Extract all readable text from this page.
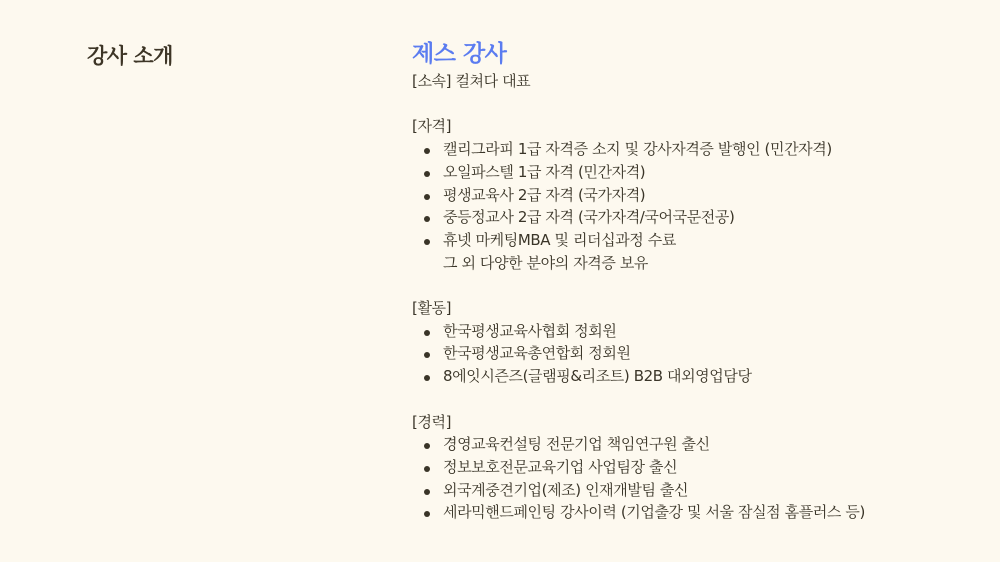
강사 소개	제스 강사
[소속] 컬쳐다 대표
[자격]
캘리그라피 1급 자격증 소지 및 강사자격증 발행인 (민간자격)
오일파스텔 1급 자격 (민간자격)
평생교육사 2급 자격 (국가자격)
중등정교사 2급 자격 (국가자격/국어국문전공)
휴넷 마케팅MBA 및 리더십과정 수료
그 외 다양한 분야의 자격증 보유
[활동]
한국평생교육사협회 정회원
한국평생교육총연합회 정회원
8에잇시즌즈(글램핑&리조트) B2B 대외영업담당
[경력]
경영교육컨설팅 전문기업 책임연구원 출신
정보보호전문교육기업 사업팀장 출신
외국계중견기업(제조) 인재개발팀 출신
세라믹핸드페인팅 강사이력 (기업출강 및 서울 잠실점 홈플러스 등)
